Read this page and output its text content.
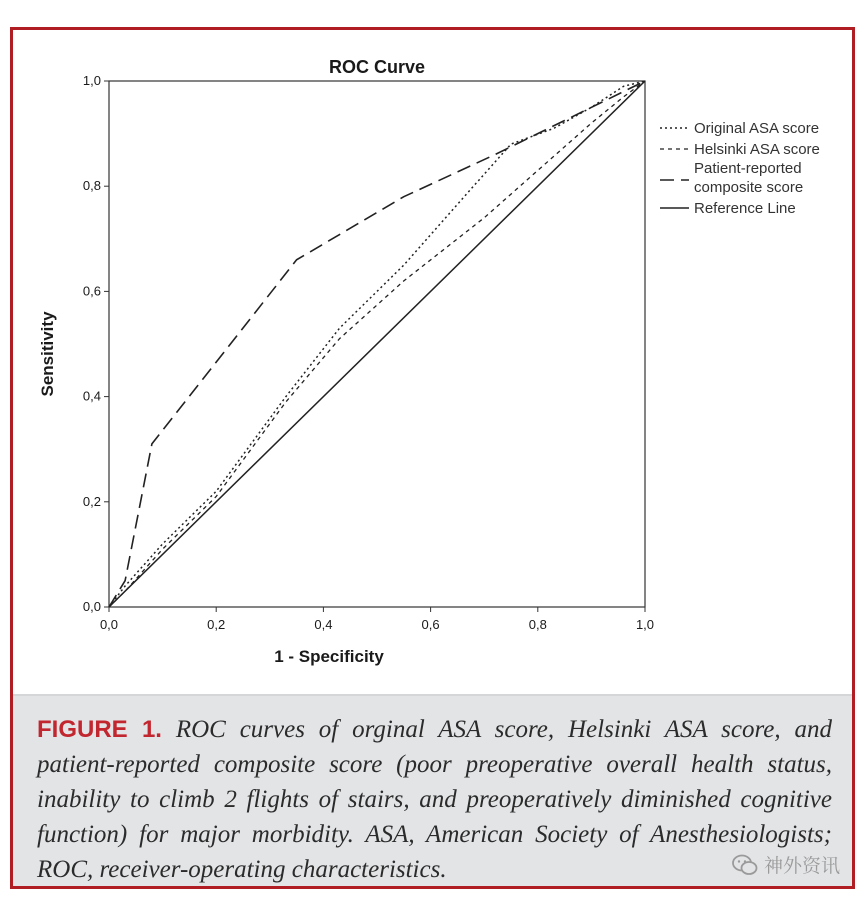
ROC Curve
0,0	0,2	0,4	0,6	0,8	1,0
0,0
0,2
0,4
0,6
0,8
1,0
1 - Specificity
Sensitivity
Original ASA score
Helsinki ASA score
Patient-reported composite score
Reference Line

FIGURE 1. ROC curves of orginal ASA score, Helsinki ASA score, and patient-reported composite score (poor preoperative overall health status, inability to climb 2 flights of stairs, and preoperatively diminished cognitive function) for major morbidity. ASA, American Society of Anesthesiologists; ROC, receiver-operating characteristics.	神外资讯
